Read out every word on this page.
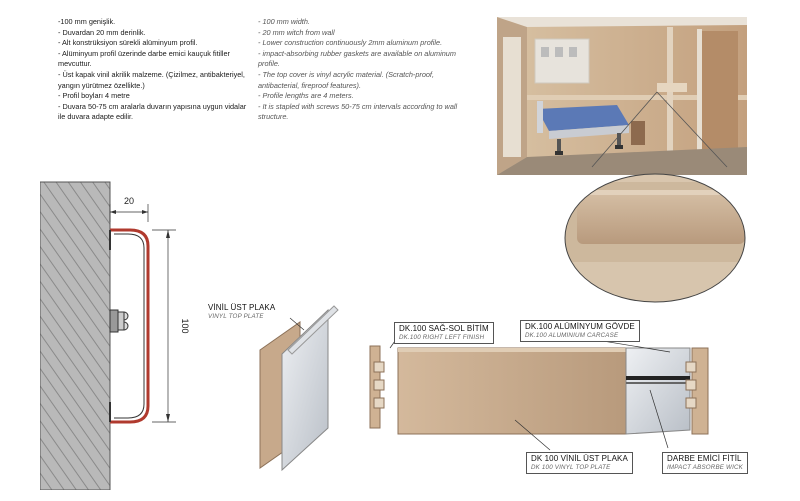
-100 mm genişlik.
- Duvardan 20 mm derinlik.
- Alt konstrüksiyon sürekli alüminyum profil.
- Alüminyum profil üzerinde darbe emici kauçuk fitiller mevcuttur.
- Üst kapak vinil akrilik malzeme. (Çizilmez, antibakteriyel, yangın yürütmez özellikte.)
- Profil boyları 4 metre
- Duvara 50-75 cm aralarla duvarın yapısına uygun vidalar ile duvara adapte edilir.
- 100 mm width.
- 20 mm witch from wall
- Lower construction continuously 2mm aluminum profile.
- impact-absorbing rubber gaskets are available on aluminum profile.
- The top cover is vinyl acrylic material. (Scratch-proof, antibacterial, fireproof features).
- Profile lengths are 4 meters.
- It is stapled with screws 50-75 cm intervals according to wall structure.
20
100
VİNİL ÜST PLAKA
VINYL TOP PLATE
DK.100 SAĞ-SOL BİTİM
DK.100 RIGHT LEFT FINISH
DK.100 ALÜMİNYUM GÖVDE
DK.100 ALUMINIUM CARCASE
DK 100 VİNİL ÜST PLAKA
DK 100 VINYL TOP PLATE
DARBE EMİCİ FİTİL
IMPACT ABSORBE WICK
